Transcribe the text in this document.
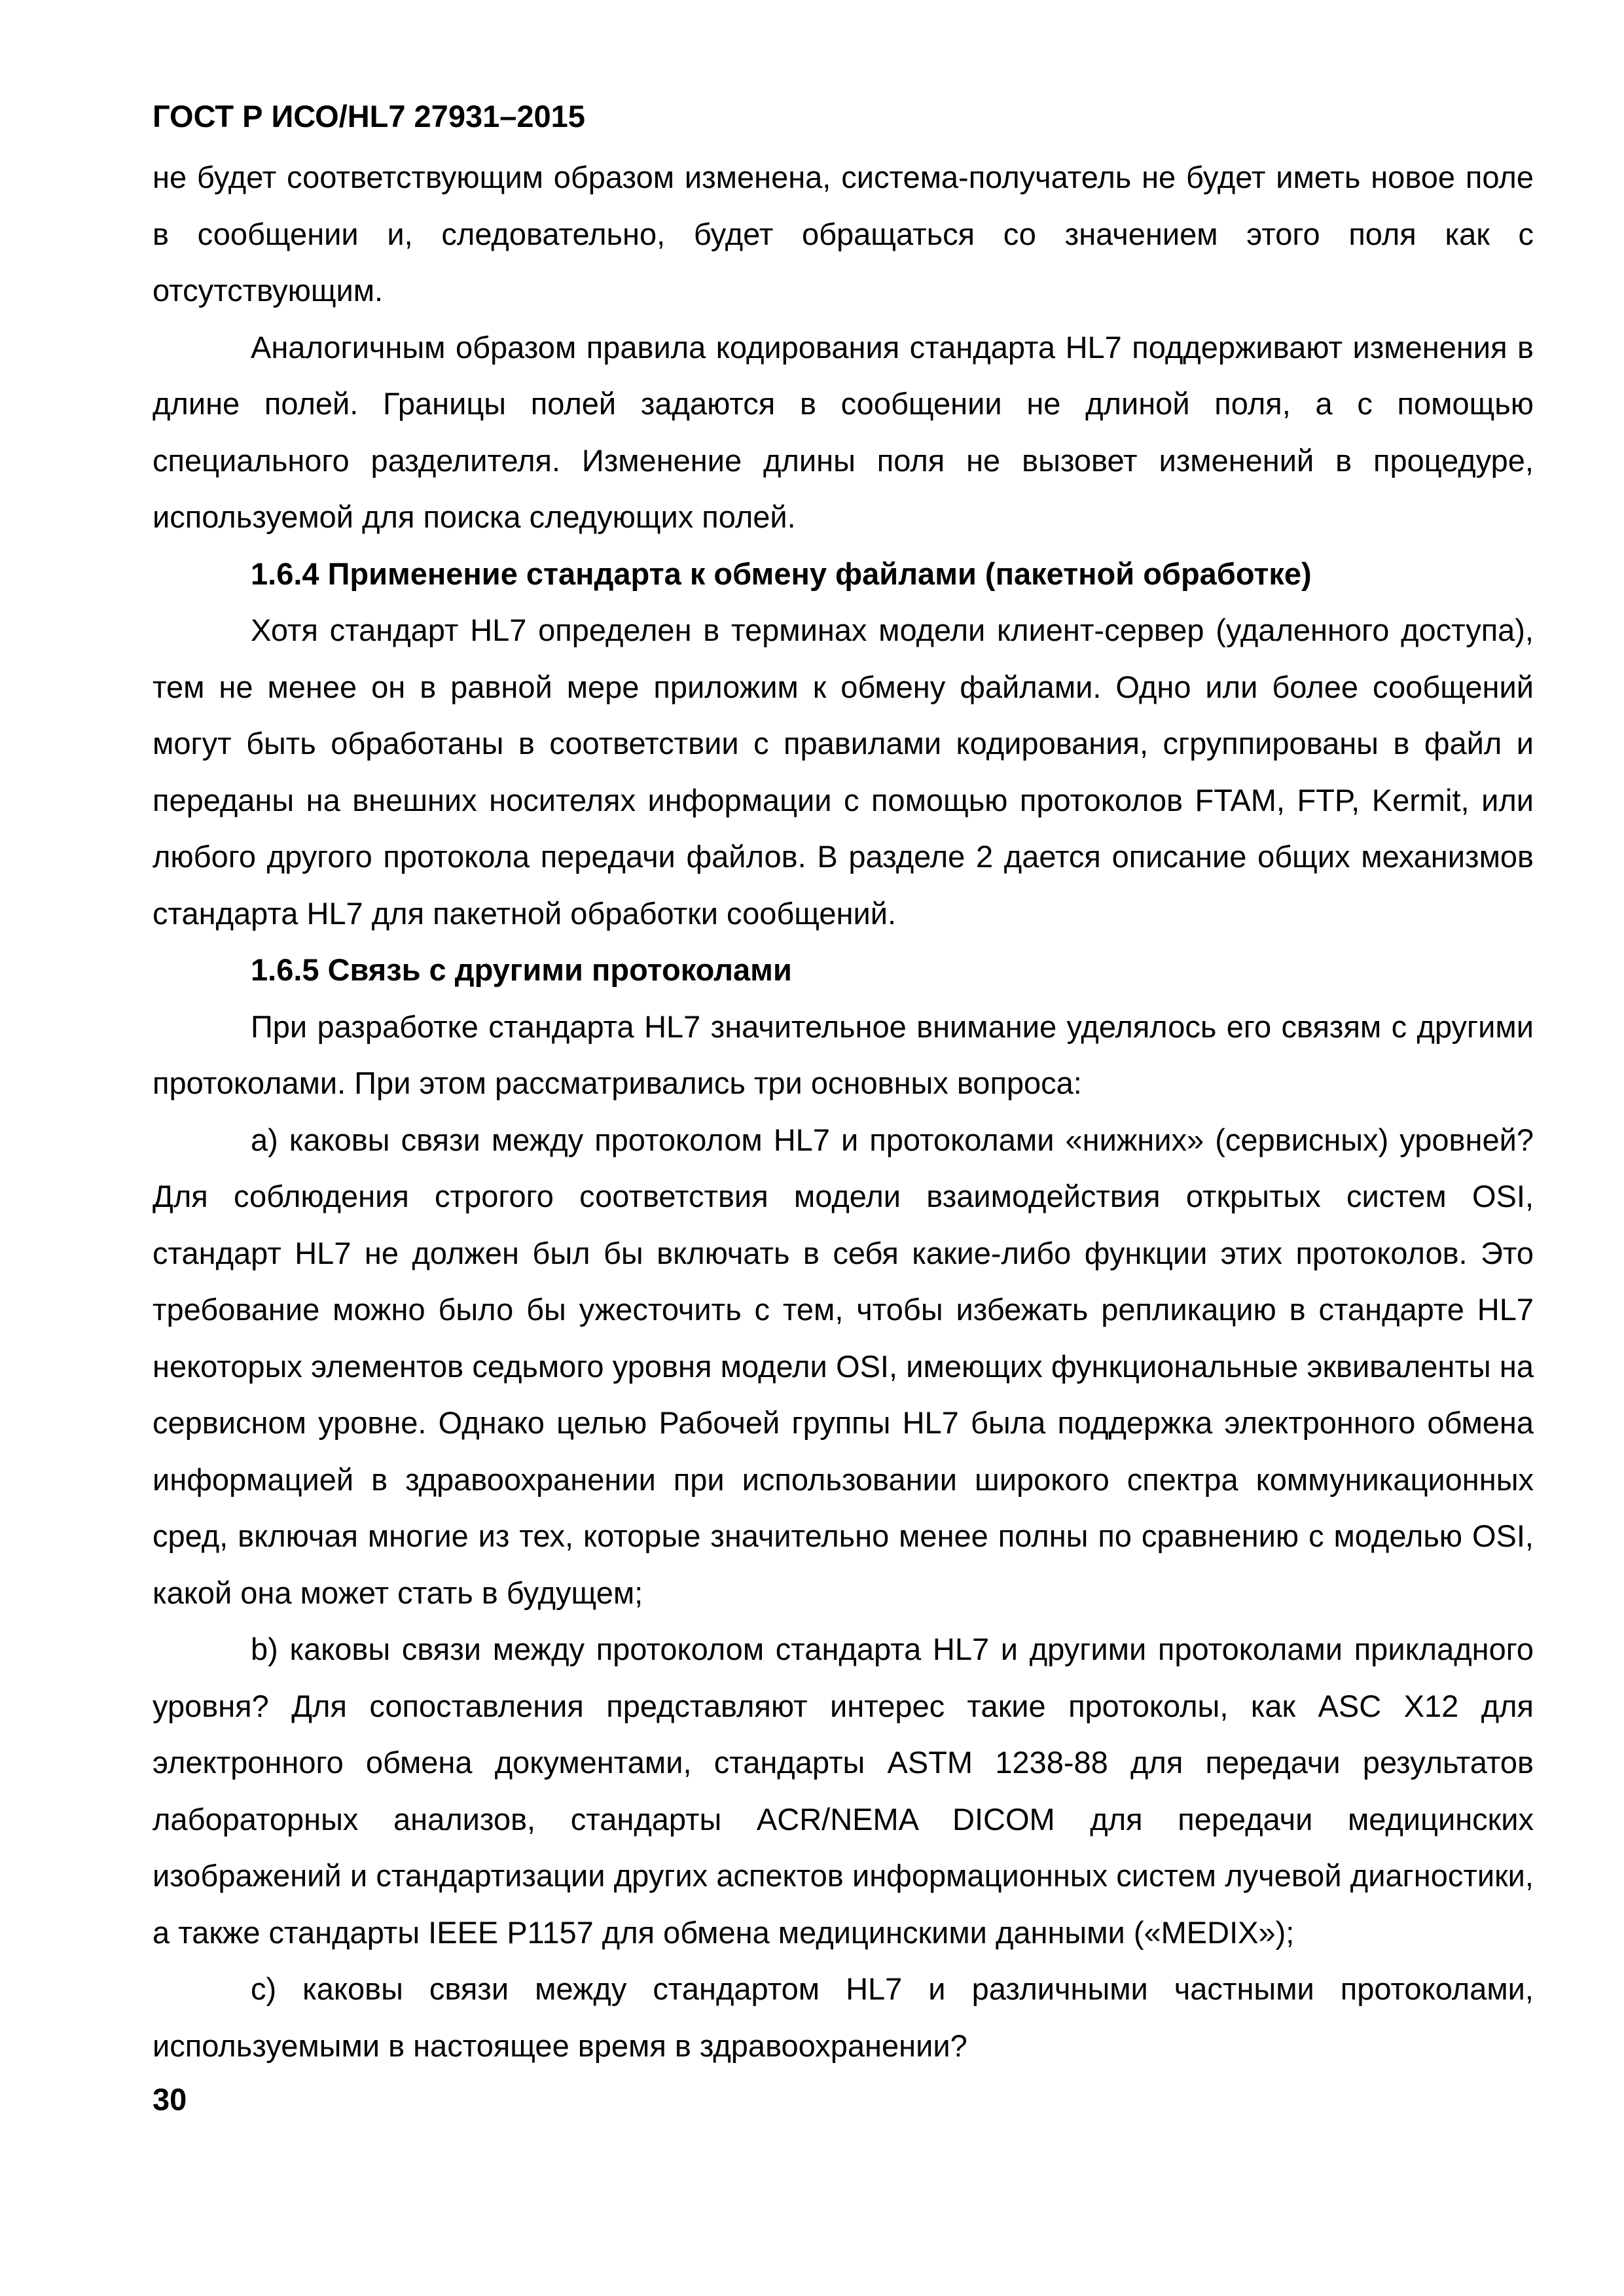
ГОСТ Р ИСО/HL7 27931–2015

не будет соответствующим образом изменена, система-получатель не будет иметь новое поле в сообщении и, следовательно, будет обращаться со значением этого поля как с отсутствующим.

Аналогичным образом правила кодирования стандарта HL7 поддерживают изменения в длине полей. Границы полей задаются в сообщении не длиной поля, а с помощью специального разделителя. Изменение длины поля не вызовет изменений в процедуре, используемой для поиска следующих полей.

1.6.4 Применение стандарта к обмену файлами (пакетной обработке)

Хотя стандарт HL7 определен в терминах модели клиент-сервер (удаленного доступа), тем не менее он в равной мере приложим к обмену файлами. Одно или более сообщений могут быть обработаны в соответствии с правилами кодирования, сгруппированы в файл и переданы на внешних носителях информации с помощью протоколов FTAM, FTP, Kermit, или любого другого протокола передачи файлов. В разделе 2 дается описание общих механизмов стандарта HL7 для пакетной обработки сообщений.

1.6.5 Связь с другими протоколами

При разработке стандарта HL7 значительное внимание уделялось его связям с другими протоколами. При этом рассматривались три основных вопроса:

a) каковы связи между протоколом HL7 и протоколами «нижних» (сервисных) уровней? Для соблюдения строгого соответствия модели взаимодействия открытых систем OSI, стандарт HL7 не должен был бы включать в себя какие-либо функции этих протоколов. Это требование можно было бы ужесточить с тем, чтобы избежать репликацию в стандарте HL7 некоторых элементов седьмого уровня модели OSI, имеющих функциональные эквиваленты на сервисном уровне. Однако целью Рабочей группы HL7 была поддержка электронного обмена информацией в здравоохранении при использовании широкого спектра коммуникационных сред, включая многие из тех, которые значительно менее полны по сравнению с моделью OSI, какой она может стать в будущем;

b) каковы связи между протоколом стандарта HL7 и другими протоколами прикладного уровня? Для сопоставления представляют интерес такие протоколы, как ASC X12 для электронного обмена документами, стандарты ASTM 1238-88 для передачи результатов лабораторных анализов, стандарты ACR/NEMA DICOM для передачи медицинских изображений и стандартизации других аспектов информационных систем лучевой диагностики, а также стандарты IEEE P1157 для обмена медицинскими данными («MEDIX»);

c) каковы связи между стандартом HL7 и различными частными протоколами, используемыми в настоящее время в здравоохранении?

30
